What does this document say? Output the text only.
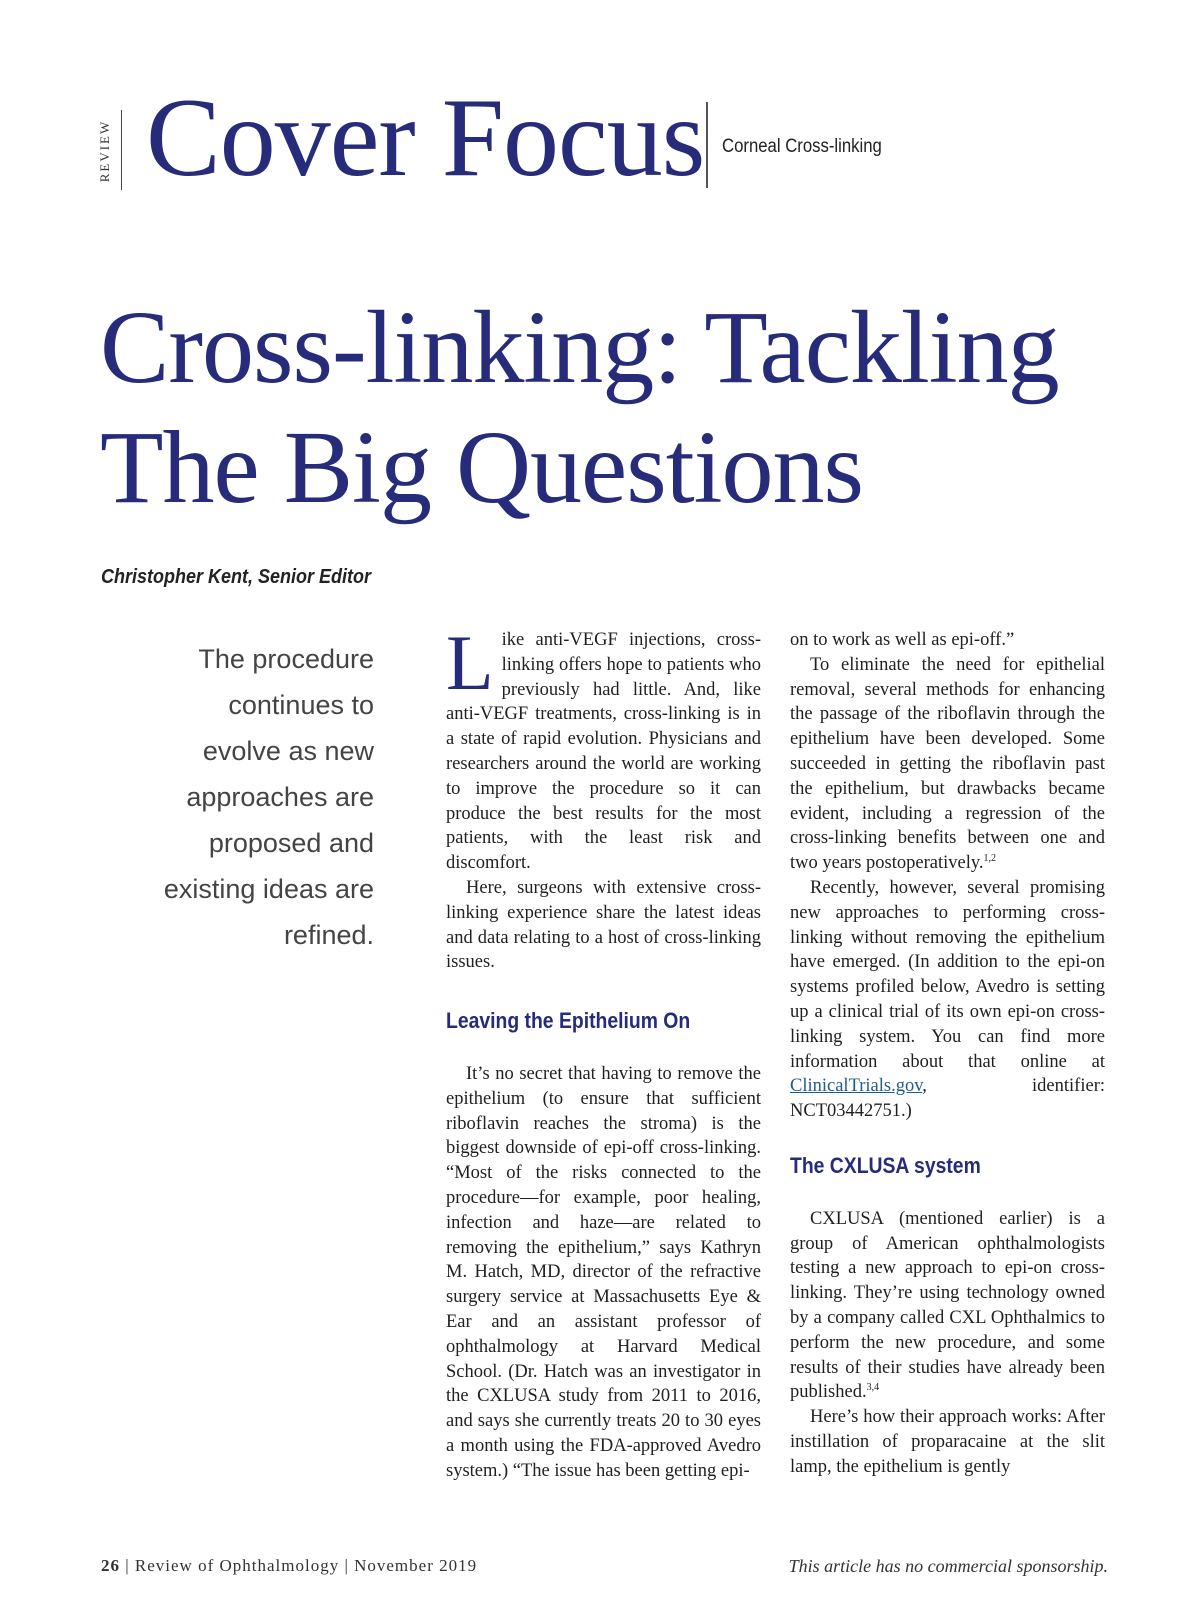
REVIEW Cover Focus Corneal Cross-linking
Cross-linking: Tackling
The Big Questions
Christopher Kent, Senior Editor
The procedure
continues to
evolve as new
approaches are
proposed and
existing ideas are
refined.

Like anti-VEGF injections, cross-linking offers hope to patients who previously had little. And, like anti-VEGF treatments, cross-linking is in a state of rapid evolution. Physicians and researchers around the world are working to improve the procedure so it can produce the best results for the most patients, with the least risk and discomfort.

Here, surgeons with extensive cross-linking experience share the latest ideas and data relating to a host of cross-linking issues.

Leaving the Epithelium On

It’s no secret that having to remove the epithelium (to ensure that sufficient riboflavin reaches the stroma) is the biggest downside of epi-off cross-linking. “Most of the risks connected to the procedure—for example, poor healing, infection and haze—are related to removing the epithelium,” says Kathryn M. Hatch, MD, director of the refractive surgery service at Massachusetts Eye & Ear and an assistant professor of ophthalmology at Harvard Medical School. (Dr. Hatch was an investigator in the CXLUSA study from 2011 to 2016, and says she currently treats 20 to 30 eyes a month using the FDA-approved Avedro system.) “The issue has been getting epi-

on to work as well as epi-off.”

To eliminate the need for epithelial removal, several methods for enhancing the passage of the riboflavin through the epithelium have been developed. Some succeeded in getting the riboflavin past the epithelium, but drawbacks became evident, including a regression of the cross-linking benefits between one and two years postoperatively.$^{1,2}$

Recently, however, several promising new approaches to performing cross-linking without removing the epithelium have emerged. (In addition to the epi-on systems profiled below, Avedro is setting up a clinical trial of its own epi-on cross-linking system. You can find more information about that online at ClinicalTrials.gov, identifier: NCT03442751.)

The CXLUSA system

CXLUSA (mentioned earlier) is a group of American ophthalmologists testing a new approach to epi-on cross-linking. They’re using technology owned by a company called CXL Ophthalmics to perform the new procedure, and some results of their studies have already been published.$^{3,4}$

Here’s how their approach works: After instillation of proparacaine at the slit lamp, the epithelium is gently

26 | Review of Ophthalmology | November 2019	This article has no commercial sponsorship.
